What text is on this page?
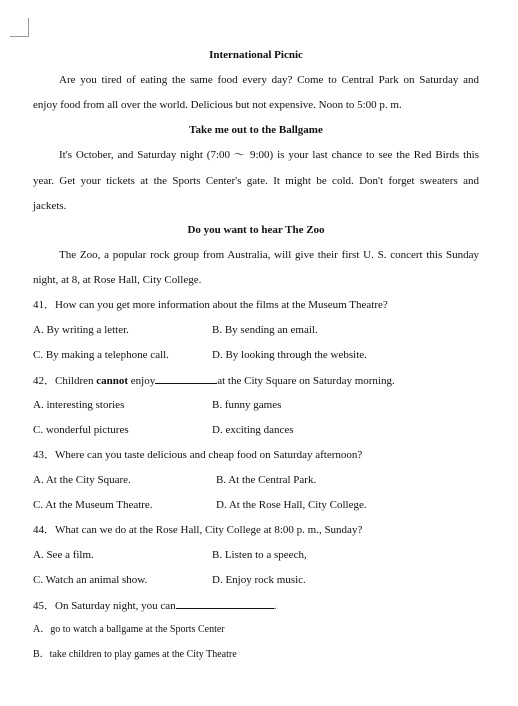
International Picnic
Are you tired of eating the same food every day? Come to Central Park on Saturday and
enjoy food from all over the world. Delicious but not expensive. Noon to 5:00 p. m.
Take me out to the Ballgame
It's October, and Saturday night (7:00 ～ 9:00) is your last chance to see the Red Birds this
year. Get your tickets at the Sports Center's gate. It might be cold. Don't forget sweaters and
jackets.
Do you want to hear The Zoo
The Zoo, a popular rock group from Australia, will give their first U. S. concert this Sunday
night, at 8, at Rose Hall, City College.
41．How can you get more information about the films at the Museum Theatre?
A. By writing a letter.	B. By sending an email.
C. By making a telephone call.	D. By looking through the website.
42．Children cannot enjoy	at the City Square on Saturday morning.
A. interesting stories	B. funny games
C. wonderful pictures	D. exciting dances
43．Where can you taste delicious and cheap food on Saturday afternoon?
A. At the City Square.	B. At the Central Park.
C. At the Museum Theatre.	D. At the Rose Hall, City College.
44．What can we do at the Rose Hall, City College at 8:00 p. m., Sunday?
A. See a film.	B. Listen to a speech,
C. Watch an animal show.	D. Enjoy rock music.
45．On Saturday night, you can	.
A．go to watch a ballgame at the Sports Center
B．take children to play games at the City Theatre
